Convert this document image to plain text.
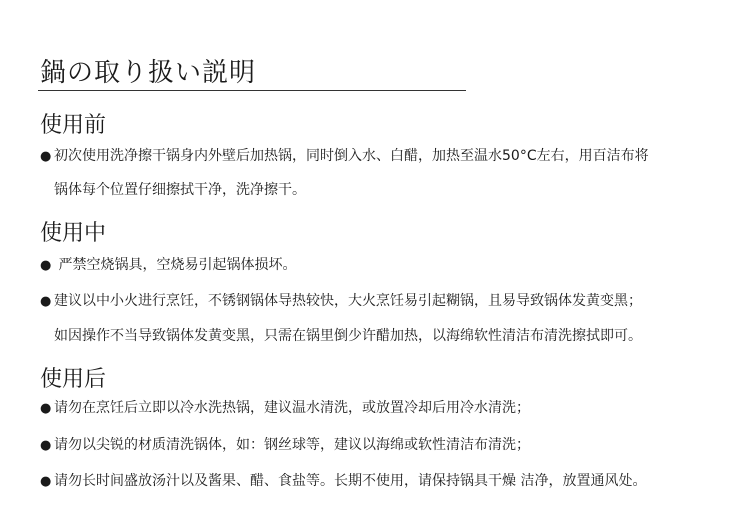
鍋の取り扱い説明
使用前
● 初次使用洗净擦干锅身内外壁后加热锅，同时倒入水、白醋，加热至温水50°C左右，用百洁布将
锅体每个位置仔细擦拭干净，洗净擦干。
使用中
● 严禁空烧锅具，空烧易引起锅体损坏。
● 建议以中小火进行烹饪，不锈钢锅体导热较快，大火烹饪易引起糊锅，且易导致锅体发黄变黑；
如因操作不当导致锅体发黄变黑，只需在锅里倒少许醋加热，以海绵软性清洁布清洗擦拭即可。
使用后
● 请勿在烹饪后立即以冷水洗热锅，建议温水清洗，或放置冷却后用冷水清洗；
● 请勿以尖锐的材质清洗锅体，如：钢丝球等，建议以海绵或软性清洁布清洗；
● 请勿长时间盛放汤汁以及酱果、醋、食盐等。长期不使用，请保持锅具干燥 洁净，放置通风处。
